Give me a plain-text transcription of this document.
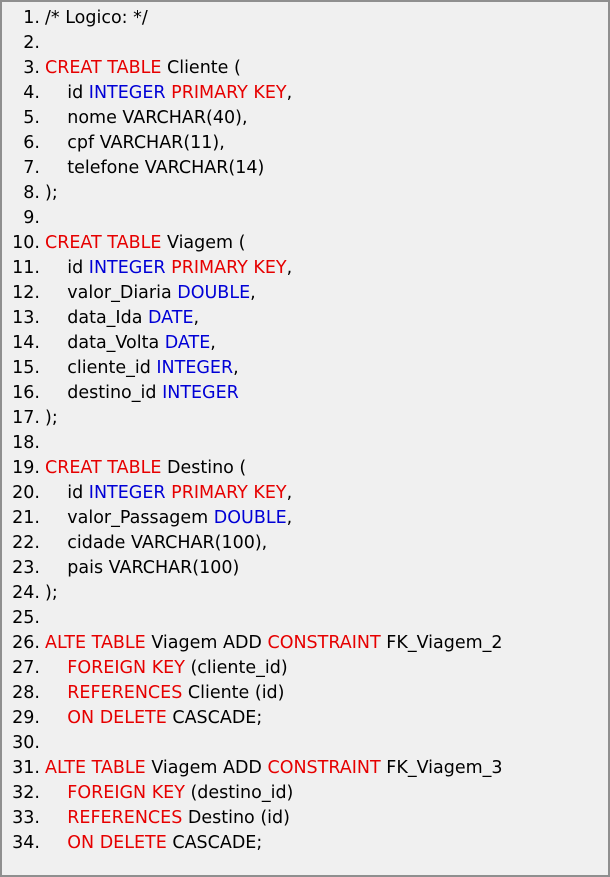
1. /* Logico: */
2.
3. CREAT TABLE Cliente (
4. id INTEGER PRIMARY KEY,
5. nome VARCHAR(40),
6. cpf VARCHAR(11),
7. telefone VARCHAR(14)
8. );
9.
10. CREAT TABLE Viagem (
11. id INTEGER PRIMARY KEY,
12. valor_Diaria DOUBLE,
13. data_Ida DATE,
14. data_Volta DATE,
15. cliente_id INTEGER,
16. destino_id INTEGER
17. );
18.
19. CREAT TABLE Destino (
20. id INTEGER PRIMARY KEY,
21. valor_Passagem DOUBLE,
22. cidade VARCHAR(100),
23. pais VARCHAR(100)
24. );
25.
26. ALTE TABLE Viagem ADD CONSTRAINT FK_Viagem_2
27.	FOREIGN KEY (cliente_id)
28.	REFERENCES Cliente (id)
29.	ON DELETE CASCADE;
30.
31. ALTE TABLE Viagem ADD CONSTRAINT FK_Viagem_3
32.	FOREIGN KEY (destino_id)
33.	REFERENCES Destino (id)
34.	ON DELETE CASCADE;
